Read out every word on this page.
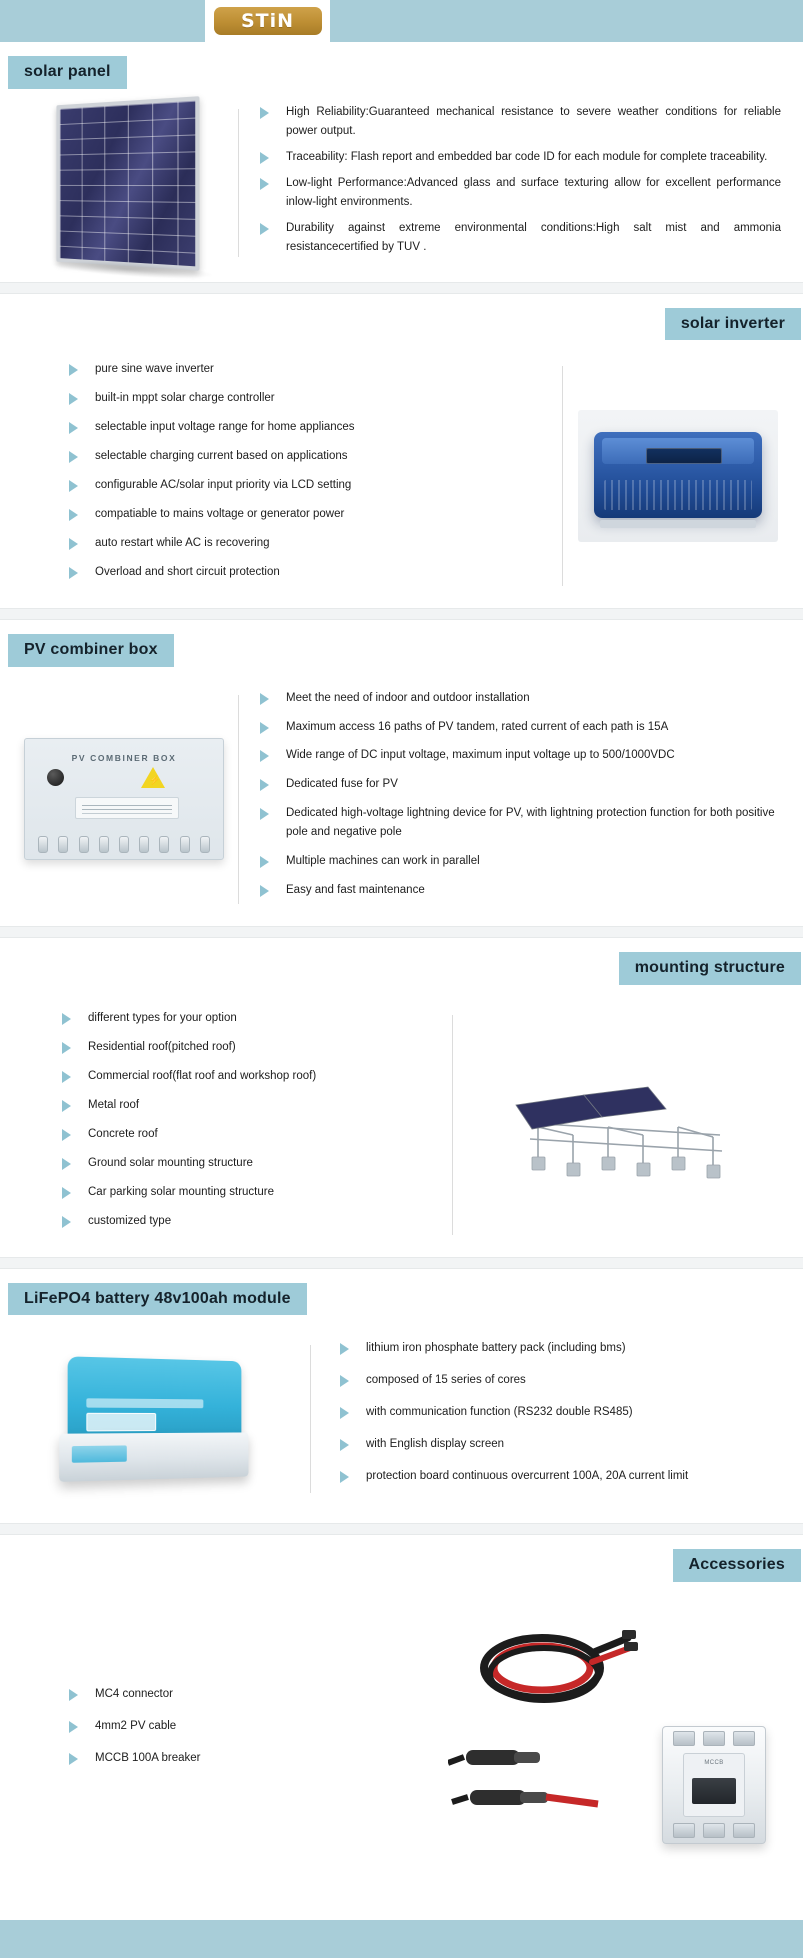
STiN
solar panel
High Reliability:Guaranteed mechanical resistance to severe weather conditions for reliable power output.
Traceability: Flash report and embedded bar code ID for each module for complete traceability.
Low-light Performance:Advanced glass and surface texturing allow for excellent performance inlow-light environments.
Durability against extreme environmental conditions:High salt mist and ammonia resistancecertified by TUV .
solar inverter
pure sine wave inverter
built-in mppt solar charge controller
selectable input voltage range for home appliances
selectable charging current based on applications
configurable AC/solar input priority via LCD setting
compatiable to mains voltage or generator power
auto restart while AC is recovering
Overload and short circuit protection
PV combiner box
PV COMBINER BOX
⚡
Meet the need of indoor and outdoor installation
Maximum access 16 paths of PV tandem, rated current of each path is 15A
Wide range of DC input voltage, maximum input voltage up to 500/1000VDC
Dedicated fuse for PV
Dedicated high-voltage lightning device for PV, with lightning protection function for both positive pole and negative pole
Multiple machines can work in parallel
Easy and fast maintenance
mounting structure
different types for your option
Residential roof(pitched roof)
Commercial roof(flat roof and workshop roof)
Metal roof
Concrete roof
Ground solar mounting structure
Car parking solar mounting structure
customized type
LiFePO4 battery 48v100ah module
lithium iron phosphate battery pack (including bms)
composed of 15 series of cores
with communication function (RS232 double RS485)
with English display screen
protection board continuous overcurrent 100A, 20A current limit
Accessories
MCCB
MC4 connector
4mm2 PV cable
MCCB 100A breaker
